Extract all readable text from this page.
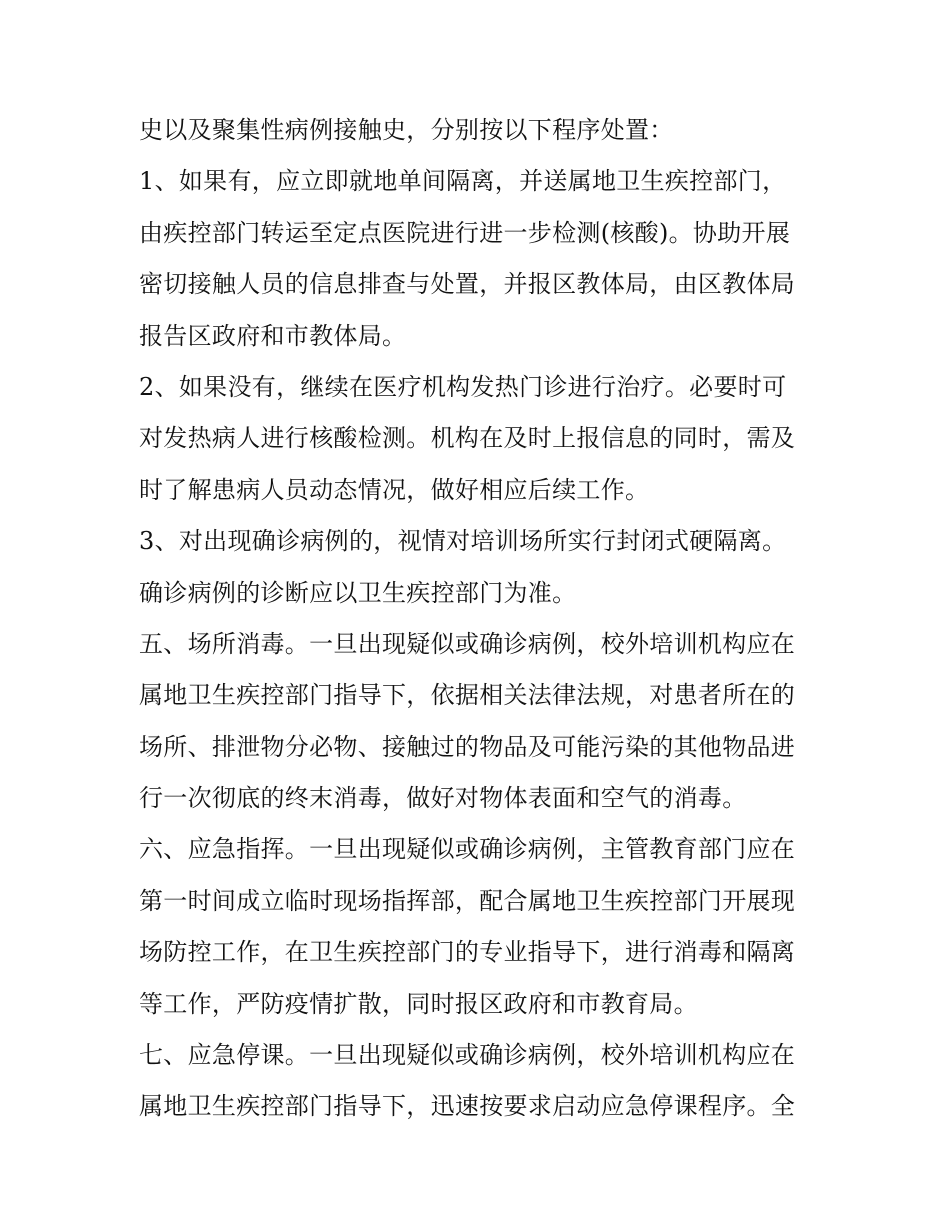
史以及聚集性病例接触史，分别按以下程序处置：
1、如果有，应立即就地单间隔离，并送属地卫生疾控部门，
由疾控部门转运至定点医院进行进一步检测(核酸)。协助开展
密切接触人员的信息排查与处置，并报区教体局，由区教体局
报告区政府和市教体局。
2、如果没有，继续在医疗机构发热门诊进行治疗。必要时可
对发热病人进行核酸检测。机构在及时上报信息的同时，需及
时了解患病人员动态情况，做好相应后续工作。
3、对出现确诊病例的，视情对培训场所实行封闭式硬隔离。
确诊病例的诊断应以卫生疾控部门为准。
五、场所消毒。一旦出现疑似或确诊病例，校外培训机构应在
属地卫生疾控部门指导下，依据相关法律法规，对患者所在的
场所、排泄物分必物、接触过的物品及可能污染的其他物品进
行一次彻底的终末消毒，做好对物体表面和空气的消毒。
六、应急指挥。一旦出现疑似或确诊病例，主管教育部门应在
第一时间成立临时现场指挥部，配合属地卫生疾控部门开展现
场防控工作，在卫生疾控部门的专业指导下，进行消毒和隔离
等工作，严防疫情扩散，同时报区政府和市教育局。
七、应急停课。一旦出现疑似或确诊病例，校外培训机构应在
属地卫生疾控部门指导下，迅速按要求启动应急停课程序。全
